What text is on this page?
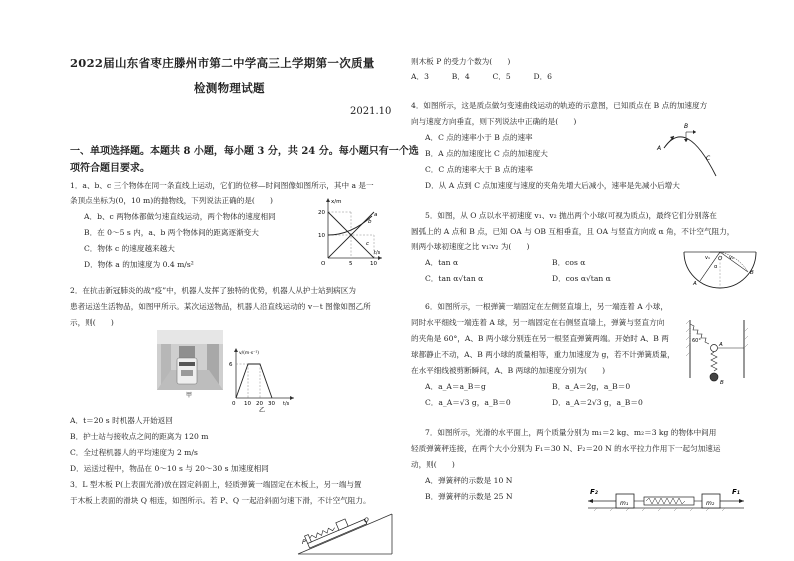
2022届山东省枣庄滕州市第二中学高三上学期第一次质量
检测物理试题
2021.10
一、单项选择题。本题共 8 小题，每小题 3 分，共 24 分。每小题只有一个选
项符合题目要求。
1．a、b、c 三个物体在同一条直线上运动，它们的位移—时间图像如图所示，其中 a 是一
条顶点坐标为(0，10 m)的抛物线，下列说法正确的是(　　)
A．b、c 两物体都做匀速直线运动，两个物体的速度相同
B．在 0～5 s 内，a、b 两个物体间的距离逐渐变大
C．物体 c 的速度越来越大
D．物体 a 的加速度为 0.4 m/s²
x/m
20
10
O	5	10
t/s
a
b
c
2．在抗击新冠肺炎的战“疫”中，机器人发挥了独特的优势，机器人从护士站到病区为
患者运送生活物品，如图甲所示。某次运送物品，机器人沿直线运动的 v－t 图像如图乙所
示，则(　　)
甲
v/(m·s⁻¹)
6
0 10 20 30 t/s
乙
A．t＝20 s 时机器人开始返回
B．护士站与接收点之间的距离为 120 m
C．全过程机器人的平均速度为 2 m/s
D．运送过程中，物品在 0～10 s 与 20～30 s 加速度相同
3．L 型木板 P(上表面光滑)放在固定斜面上，轻质弹簧一端固定在木板上，另一端与置
于木板上表面的滑块 Q 相连，如图所示。若 P、Q 一起沿斜面匀速下滑，不计空气阻力。
P
Q
则木板 P 的受力个数为(　　)
A．3　　　B．4　　　C．5　　　D．6
4．如图所示，这是质点做匀变速曲线运动的轨迹的示意图，已知质点在 B 点的加速度方
向与速度方向垂直，则下列说法中正确的是(　　)
A．C 点的速率小于 B 点的速率
B．A 点的加速度比 C 点的加速度大
C．C 点的速率大于 B 点的速率
D．从 A 点到 C 点加速度与速度的夹角先增大后减小，速率是先减小后增大
A
B
C
5．如图，从 O 点以水平初速度 v₁、v₂ 抛出两个小球(可视为质点)，最终它们分别落在
圆弧上的 A 点和 B 点，已知 OA 与 OB 互相垂直，且 OA 与竖直方向成 α 角，不计空气阻力，
则两小球初速度之比 v₁∶v₂ 为(　　)
A．tan α	B．cos α
C．tan α√tan α	D．cos α√tan α
O
v₁	v₂
α
A
B
6．如图所示，一根弹簧一端固定在左侧竖直墙上，另一端连着 A 小球，
同时水平细线一端连着 A 球，另一端固定在右侧竖直墙上，弹簧与竖直方向
的夹角是 60°，A、B 两小球分别连在另一根竖直弹簧两端。开始时 A、B 两
球都静止不动，A、B 两小球的质量相等，重力加速度为 g，若不计弹簧质量，
在水平细线被剪断瞬间，A、B 两球的加速度分别为(　　)
A．a_A＝a_B＝g	B．a_A＝2g，a_B＝0
C．a_A＝√3 g，a_B＝0	D．a_A＝2√3 g，a_B＝0
60°
A
B
7．如图所示，光滑的水平面上，两个质量分别为 m₁＝2 kg、m₂＝3 kg 的物体中间用
轻质弹簧秤连接，在两个大小分别为 F₁＝30 N、F₂＝20 N 的水平拉力作用下一起匀加速运
动，则(　　)
A．弹簧秤的示数是 10 N
B．弹簧秤的示数是 25 N	F₂
m₁	m₂
F₁
